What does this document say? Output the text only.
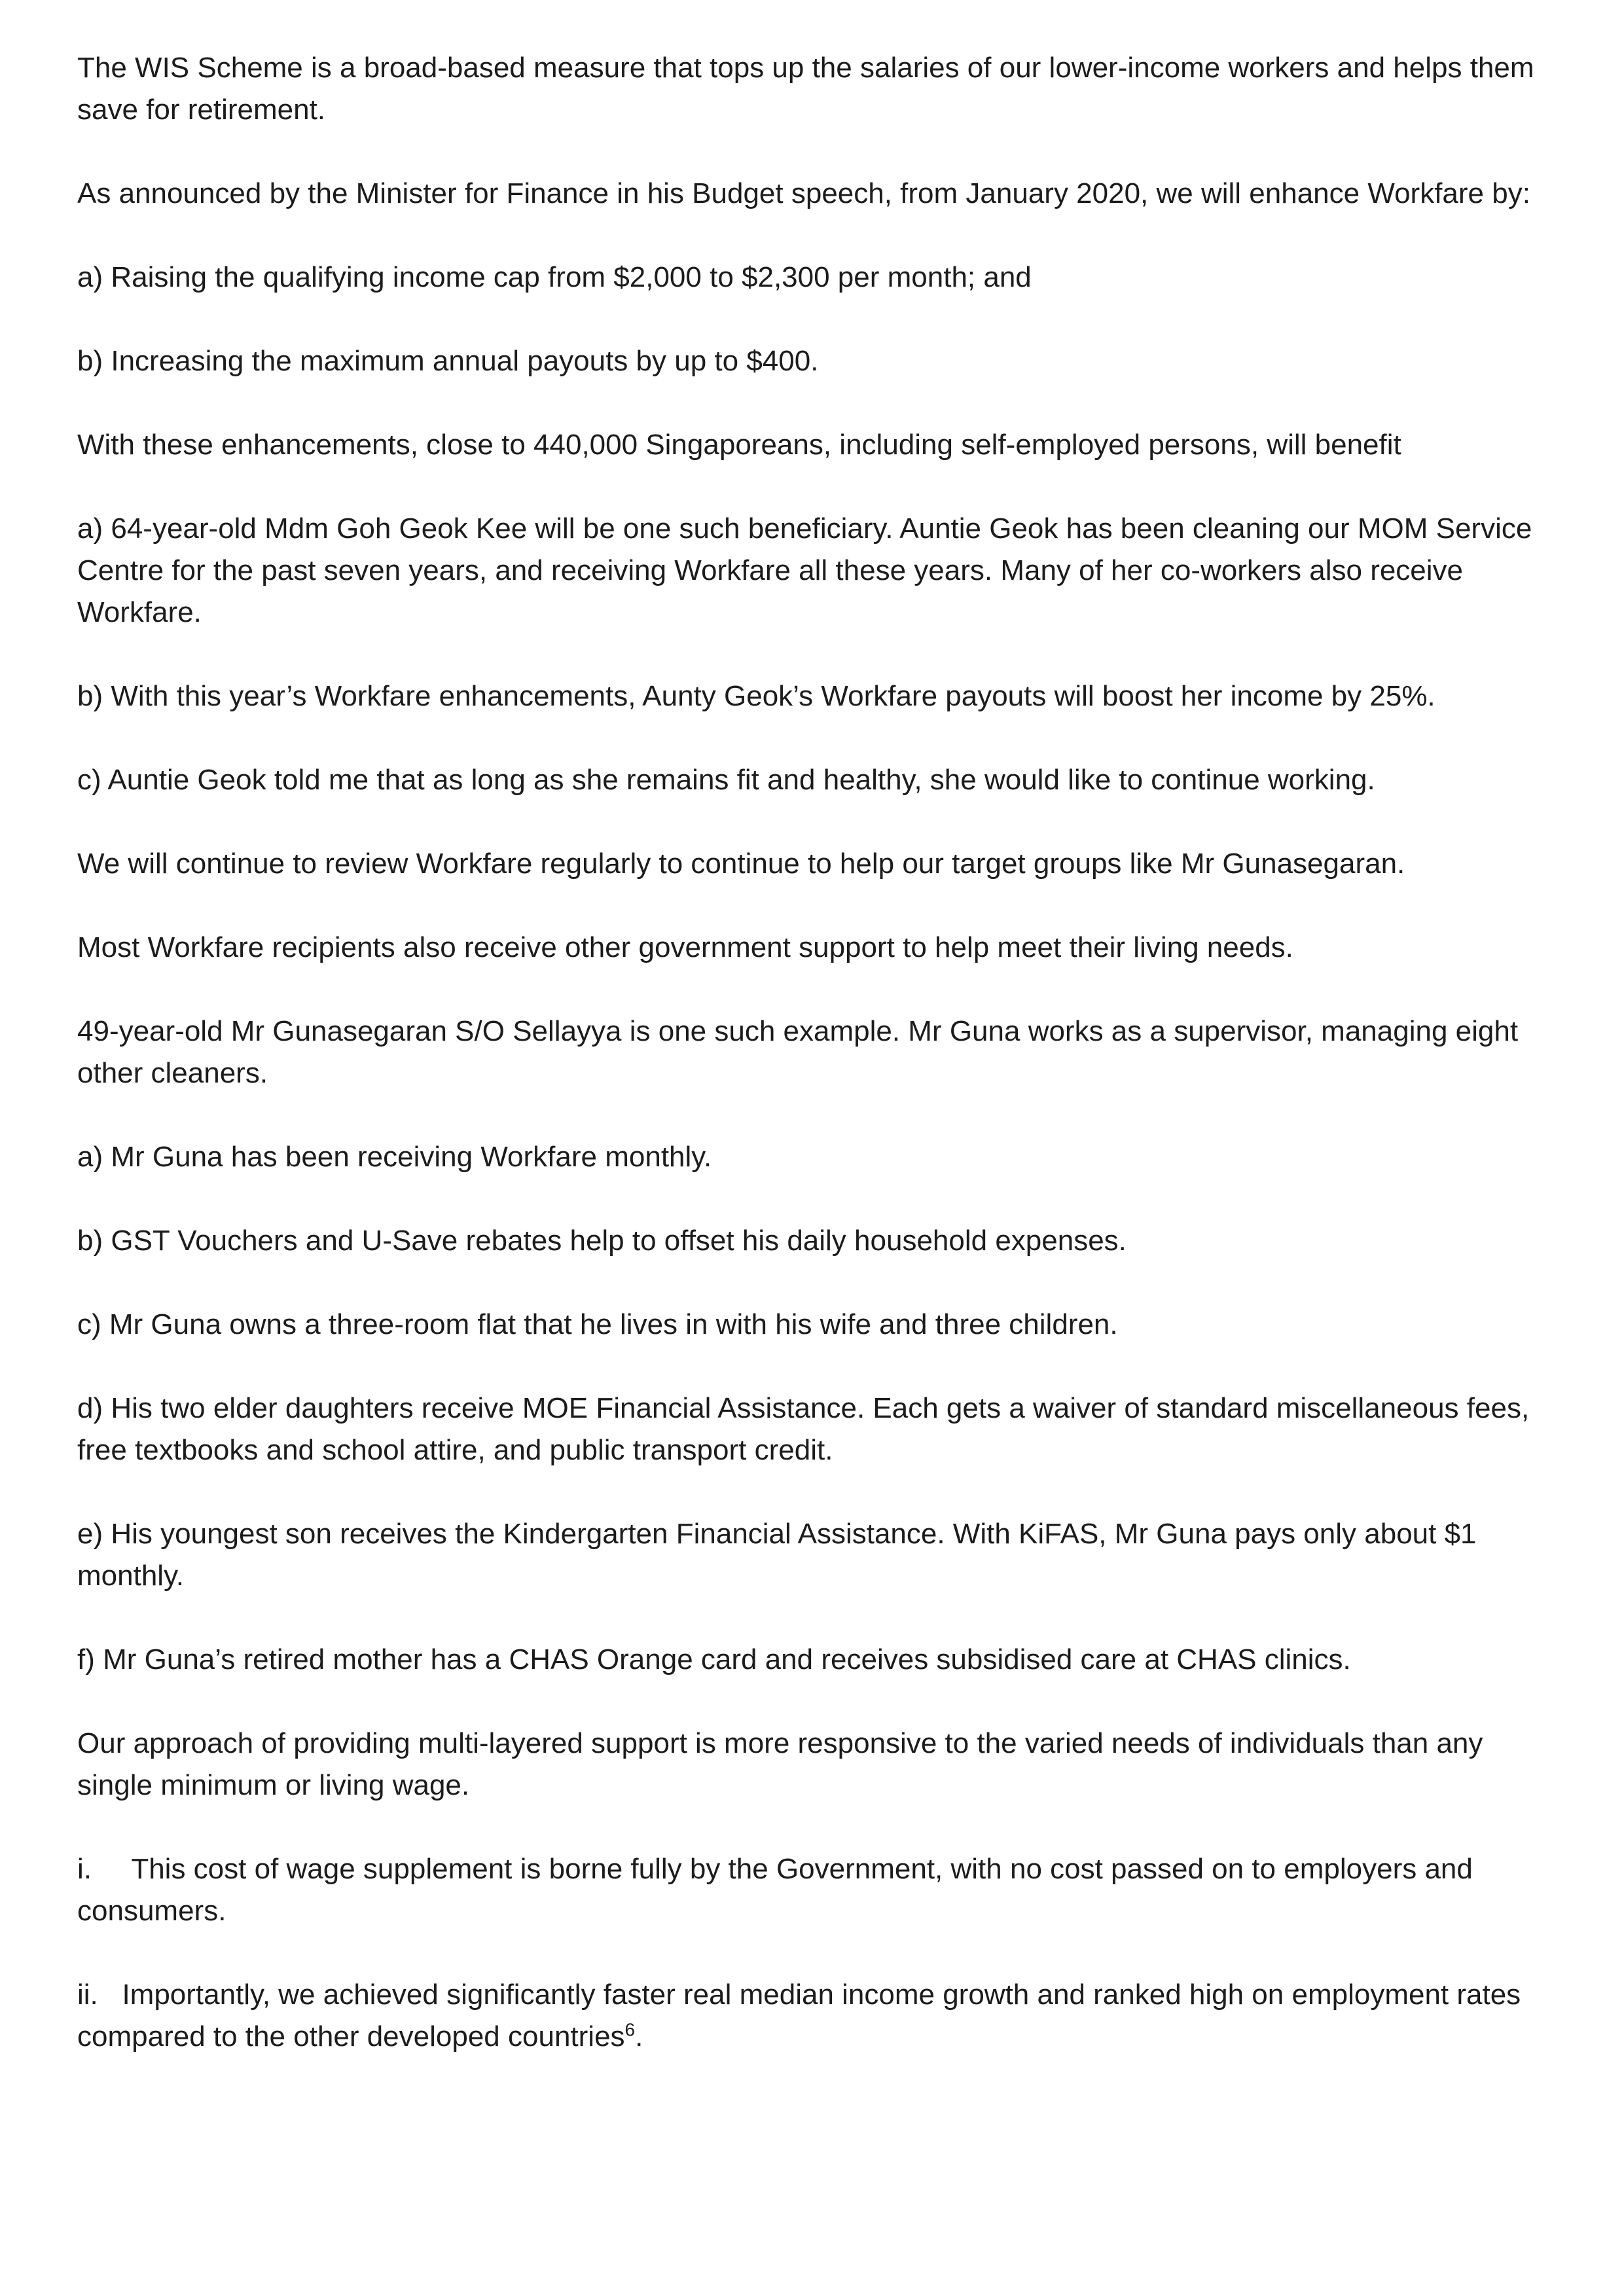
The WIS Scheme is a broad-based measure that tops up the salaries of our lower-income workers and helps them save for retirement.

As announced by the Minister for Finance in his Budget speech, from January 2020, we will enhance Workfare by:

a) Raising the qualifying income cap from $2,000 to $2,300 per month; and

b) Increasing the maximum annual payouts by up to $400.

With these enhancements, close to 440,000 Singaporeans, including self-employed persons, will benefit

a) 64-year-old Mdm Goh Geok Kee will be one such beneficiary. Auntie Geok has been cleaning our MOM Service Centre for the past seven years, and receiving Workfare all these years. Many of her co-workers also receive Workfare.

b) With this year’s Workfare enhancements, Aunty Geok’s Workfare payouts will boost her income by 25%.

c) Auntie Geok told me that as long as she remains fit and healthy, she would like to continue working.

We will continue to review Workfare regularly to continue to help our target groups like Mr Gunasegaran.

Most Workfare recipients also receive other government support to help meet their living needs.

49-year-old Mr Gunasegaran S/O Sellayya is one such example. Mr Guna works as a supervisor, managing eight other cleaners.

a) Mr Guna has been receiving Workfare monthly.

b) GST Vouchers and U-Save rebates help to offset his daily household expenses.

c) Mr Guna owns a three-room flat that he lives in with his wife and three children.

d) His two elder daughters receive MOE Financial Assistance. Each gets a waiver of standard miscellaneous fees, free textbooks and school attire, and public transport credit.

e) His youngest son receives the Kindergarten Financial Assistance. With KiFAS, Mr Guna pays only about $1 monthly.

f) Mr Guna’s retired mother has a CHAS Orange card and receives subsidised care at CHAS clinics.

Our approach of providing multi-layered support is more responsive to the varied needs of individuals than any single minimum or living wage.

i.     This cost of wage supplement is borne fully by the Government, with no cost passed on to employers and consumers.

ii.   Importantly, we achieved significantly faster real median income growth and ranked high on employment rates compared to the other developed countries$^6$.
